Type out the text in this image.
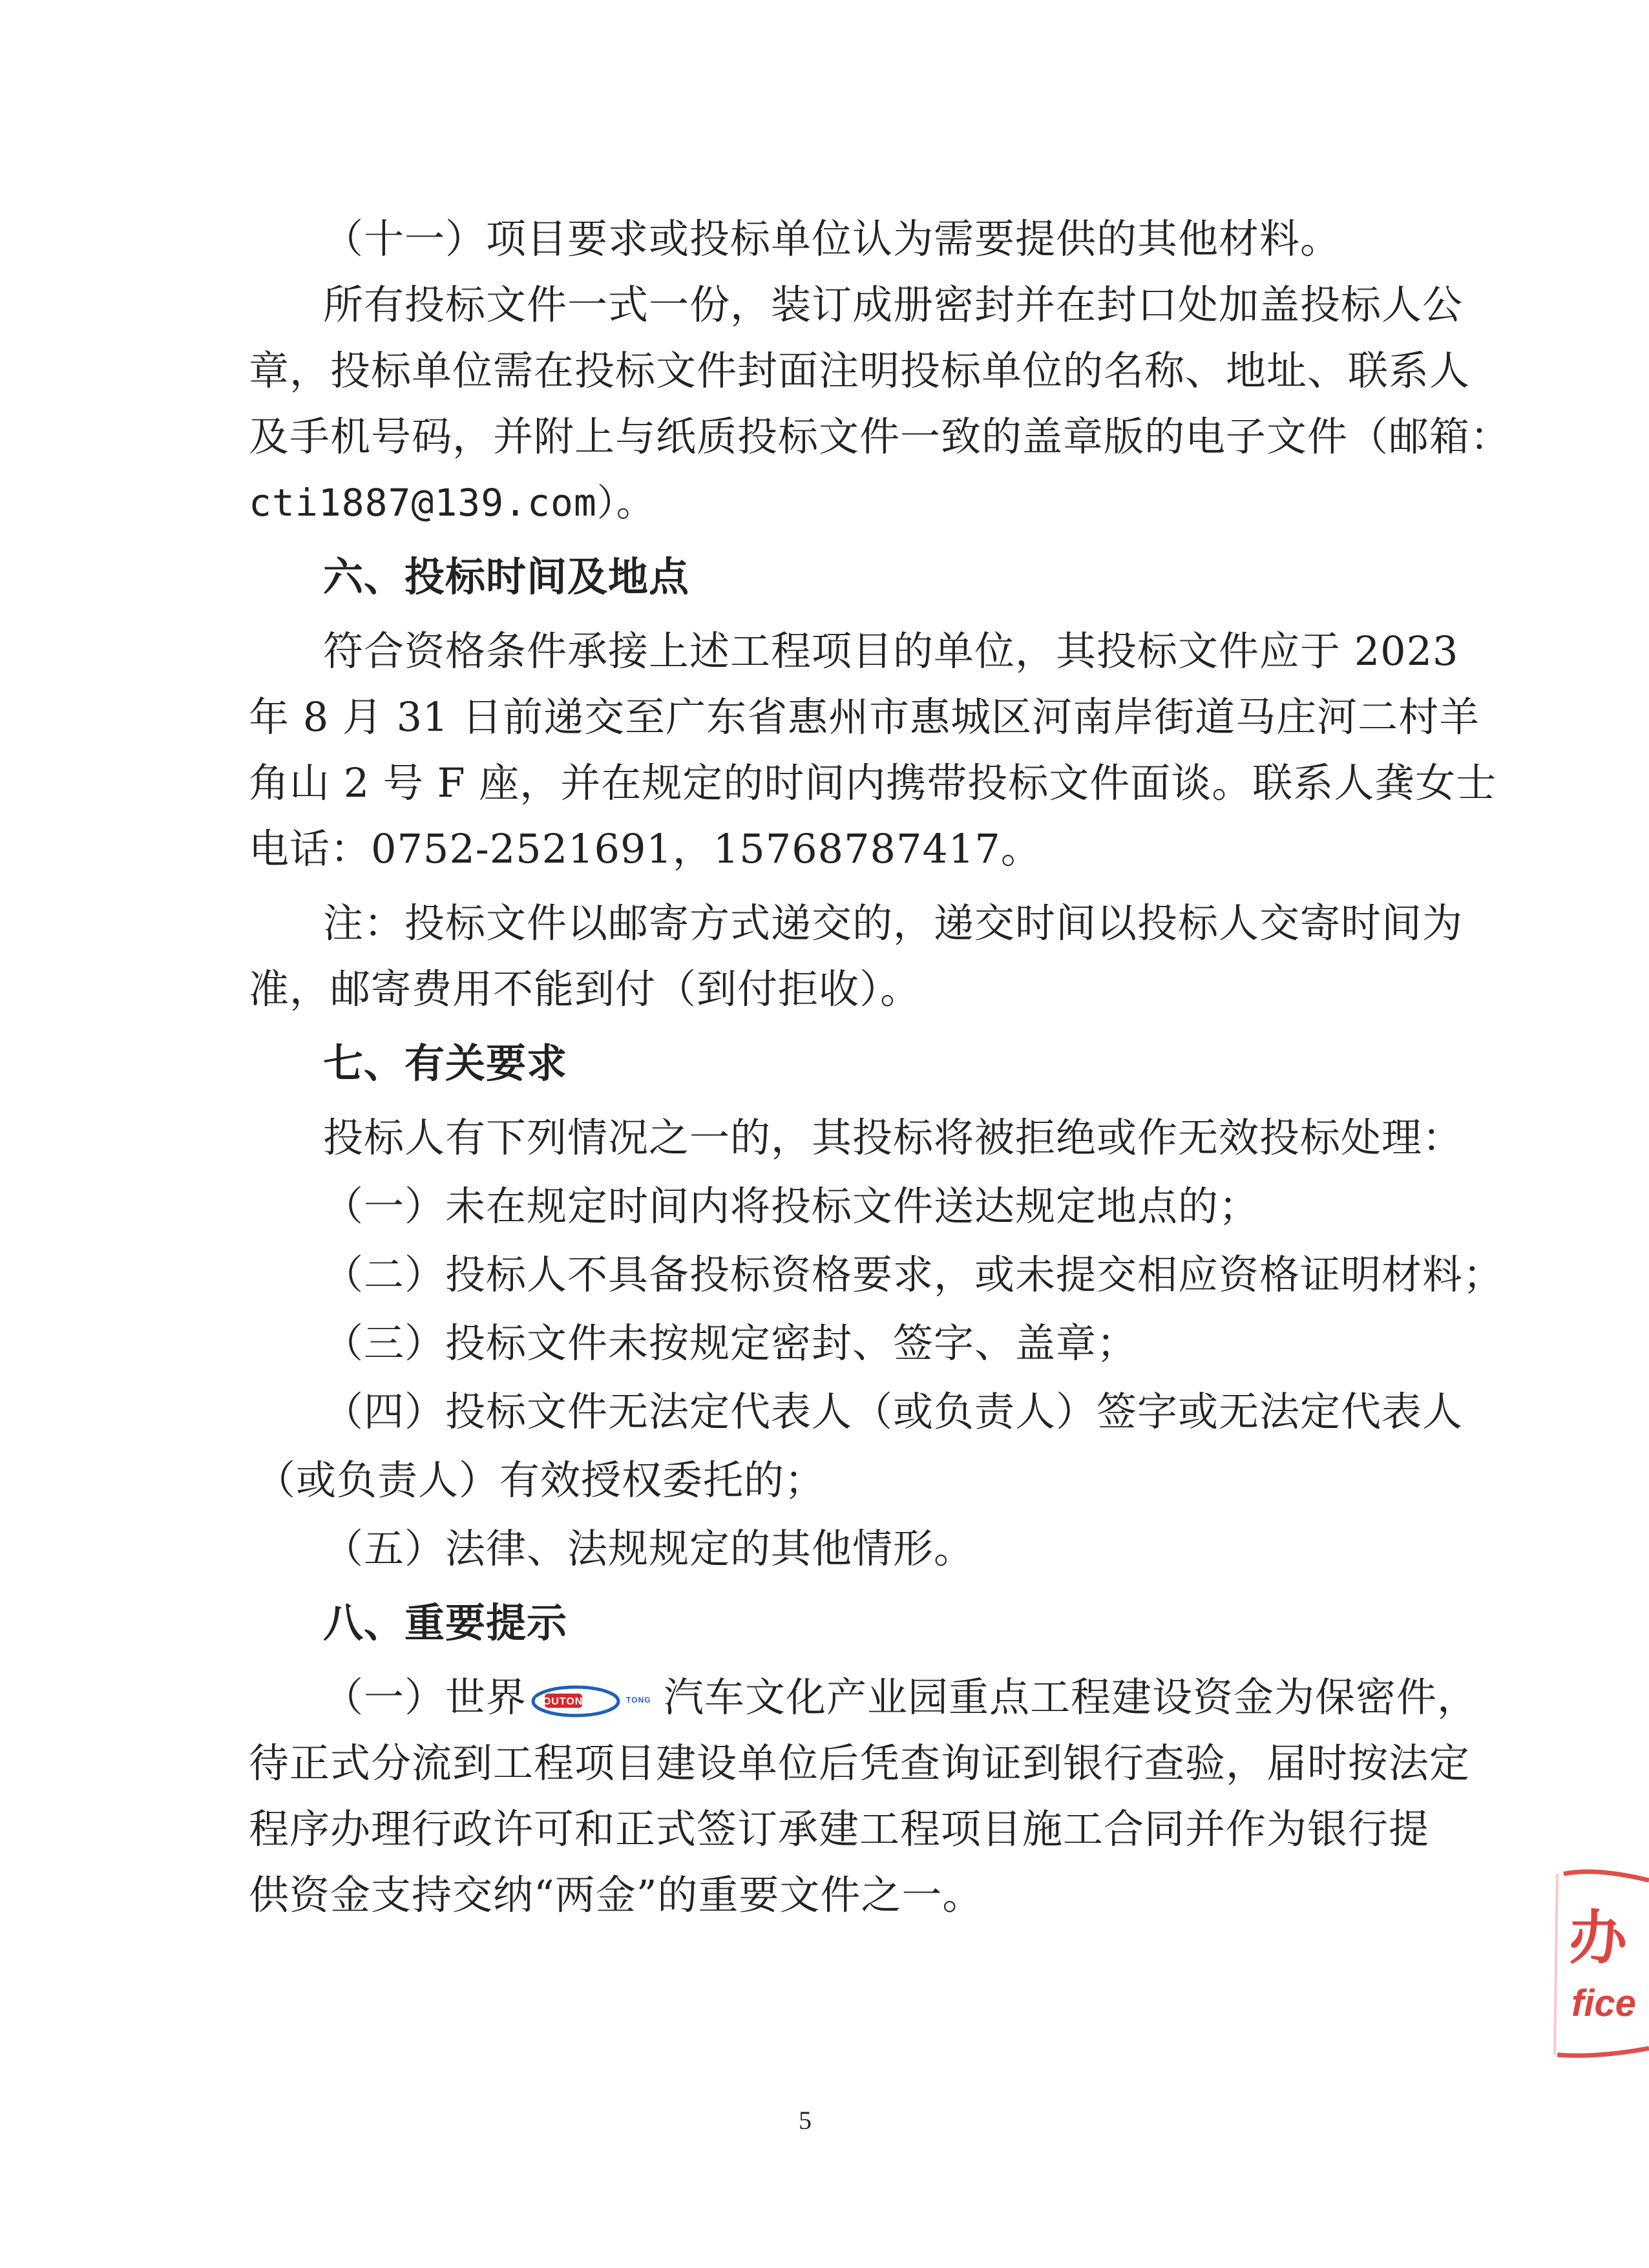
（十一）项目要求或投标单位认为需要提供的其他材料。
所有投标文件一式一份，装订成册密封并在封口处加盖投标人公
章，投标单位需在投标文件封面注明投标单位的名称、地址、联系人
及手机号码，并附上与纸质投标文件一致的盖章版的电子文件（邮箱：
cti1887@139.com）。
六、投标时间及地点
符合资格条件承接上述工程项目的单位，其投标文件应于 2023
年 8 月 31 日前递交至广东省惠州市惠城区河南岸街道马庄河二村羊
角山 2 号 F 座，并在规定的时间内携带投标文件面谈。联系人龚女士
电话：0752-2521691，15768787417。
注：投标文件以邮寄方式递交的，递交时间以投标人交寄时间为
准，邮寄费用不能到付（到付拒收）。
七、有关要求
投标人有下列情况之一的，其投标将被拒绝或作无效投标处理：
（一）未在规定时间内将投标文件送达规定地点的；
（二）投标人不具备投标资格要求，或未提交相应资格证明材料；
（三）投标文件未按规定密封、签字、盖章；
（四）投标文件无法定代表人（或负责人）签字或无法定代表人
（或负责人）有效授权委托的；
（五）法律、法规规定的其他情形。
八、重要提示
（一）世界 YOUTONG	TONG 汽车文化产业园重点工程建设资金为保密件，
待正式分流到工程项目建设单位后凭查询证到银行查验，届时按法定
程序办理行政许可和正式签订承建工程项目施工合同并作为银行提
供资金支持交纳“两金”的重要文件之一。
办
fice
5
